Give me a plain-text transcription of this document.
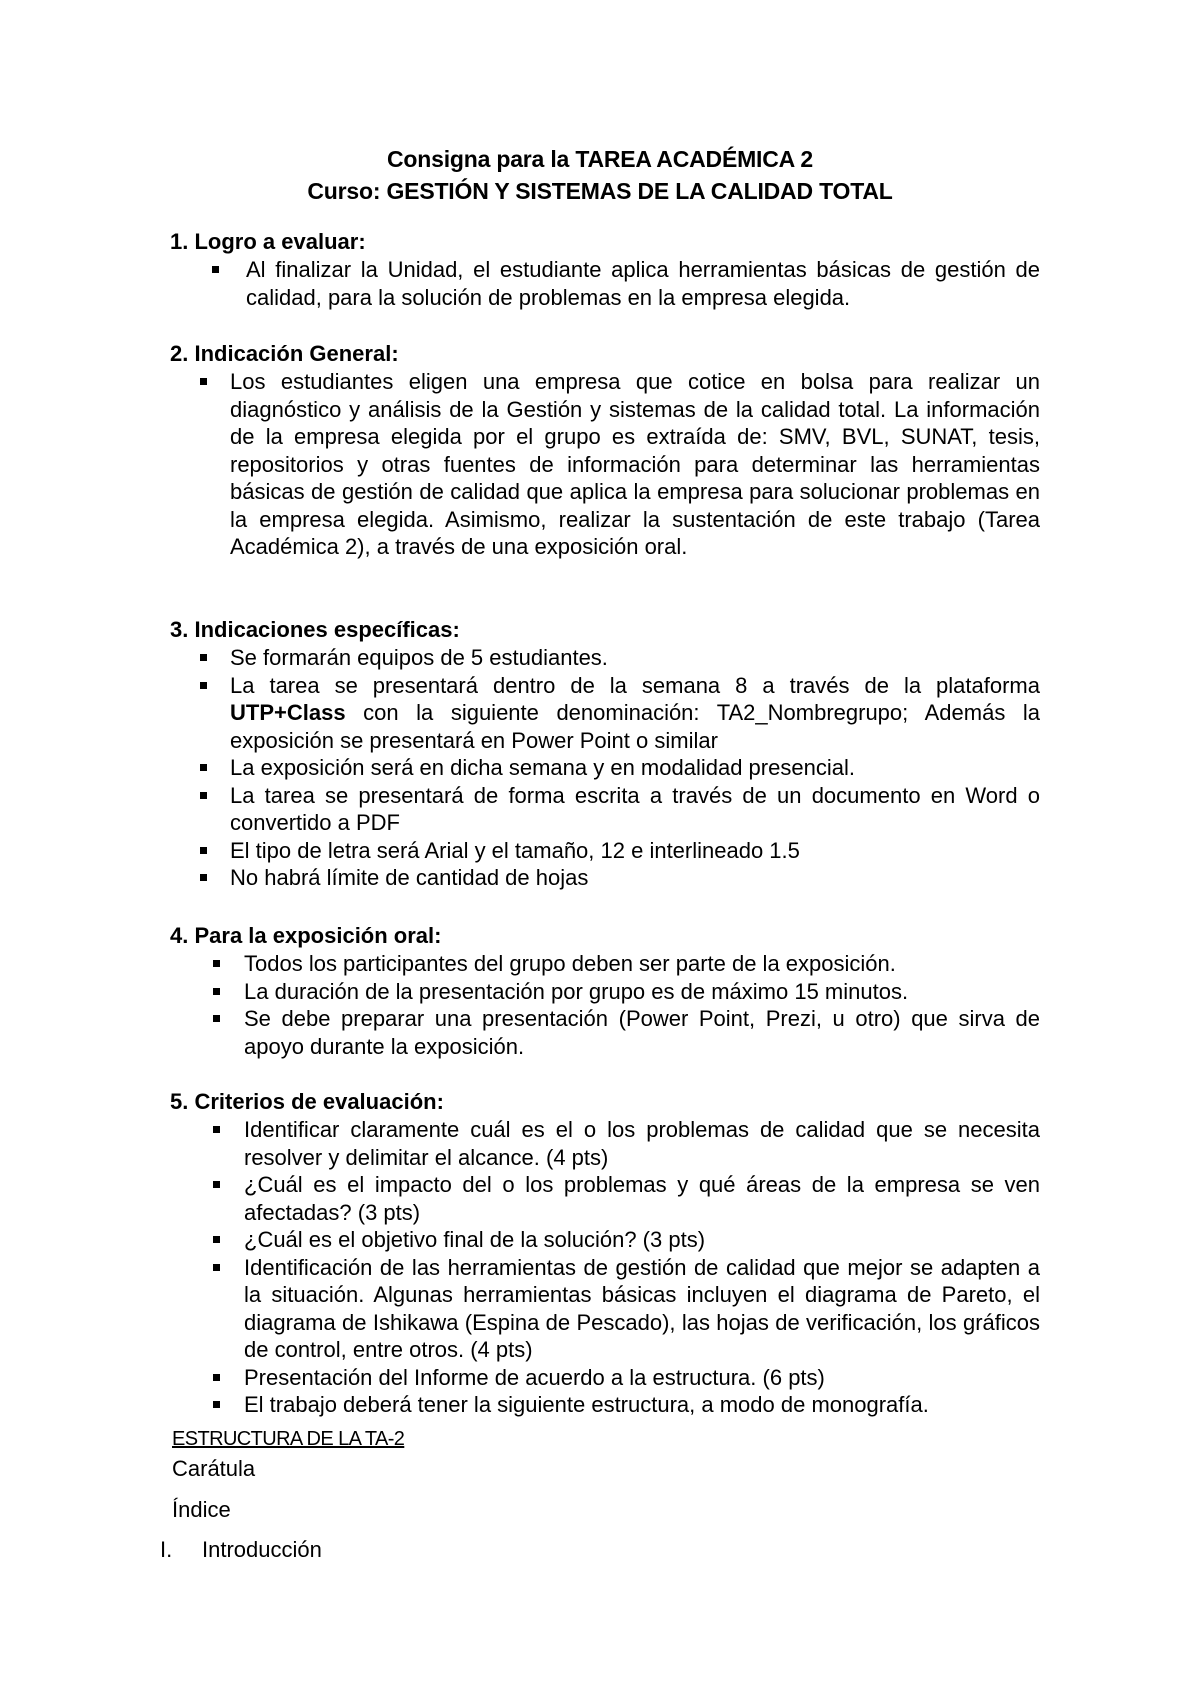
Consigna para la TAREA ACADÉMICA 2
Curso: GESTIÓN Y SISTEMAS DE LA CALIDAD TOTAL
1. Logro a evaluar:
Al finalizar la Unidad, el estudiante aplica herramientas básicas de gestión de calidad, para la solución de problemas en la empresa elegida.
2. Indicación General:
Los estudiantes eligen una empresa que cotice en bolsa para realizar un diagnóstico y análisis de la Gestión y sistemas de la calidad total. La información de la empresa elegida por el grupo es extraída de: SMV, BVL, SUNAT, tesis, repositorios y otras fuentes de información para determinar las herramientas básicas de gestión de calidad que aplica la empresa para solucionar problemas en la empresa elegida. Asimismo, realizar la sustentación de este trabajo (Tarea Académica 2), a través de una exposición oral.
3. Indicaciones específicas:
Se formarán equipos de 5 estudiantes.
La tarea se presentará dentro de la semana 8 a través de la plataforma UTP+Class con la siguiente denominación: TA2_Nombregrupo; Además la exposición se presentará en Power Point o similar
La exposición será en dicha semana y en modalidad presencial.
La tarea se presentará de forma escrita a través de un documento en Word o convertido a PDF
El tipo de letra será Arial y el tamaño, 12 e interlineado 1.5
No habrá límite de cantidad de hojas
4. Para la exposición oral:
Todos los participantes del grupo deben ser parte de la exposición.
La duración de la presentación por grupo es de máximo 15 minutos.
Se debe preparar una presentación (Power Point, Prezi, u otro) que sirva de apoyo durante la exposición.
5. Criterios de evaluación:
Identificar claramente cuál es el o los problemas de calidad que se necesita resolver y delimitar el alcance. (4 pts)
¿Cuál es el impacto del o los problemas y qué áreas de la empresa se ven afectadas? (3 pts)
¿Cuál es el objetivo final de la solución? (3 pts)
Identificación de las herramientas de gestión de calidad que mejor se adapten a la situación. Algunas herramientas básicas incluyen el diagrama de Pareto, el diagrama de Ishikawa (Espina de Pescado), las hojas de verificación, los gráficos de control, entre otros. (4 pts)
Presentación del Informe de acuerdo a la estructura. (6 pts)
El trabajo deberá tener la siguiente estructura, a modo de monografía.
ESTRUCTURA DE LA TA-2
Carátula
Índice
I. Introducción
